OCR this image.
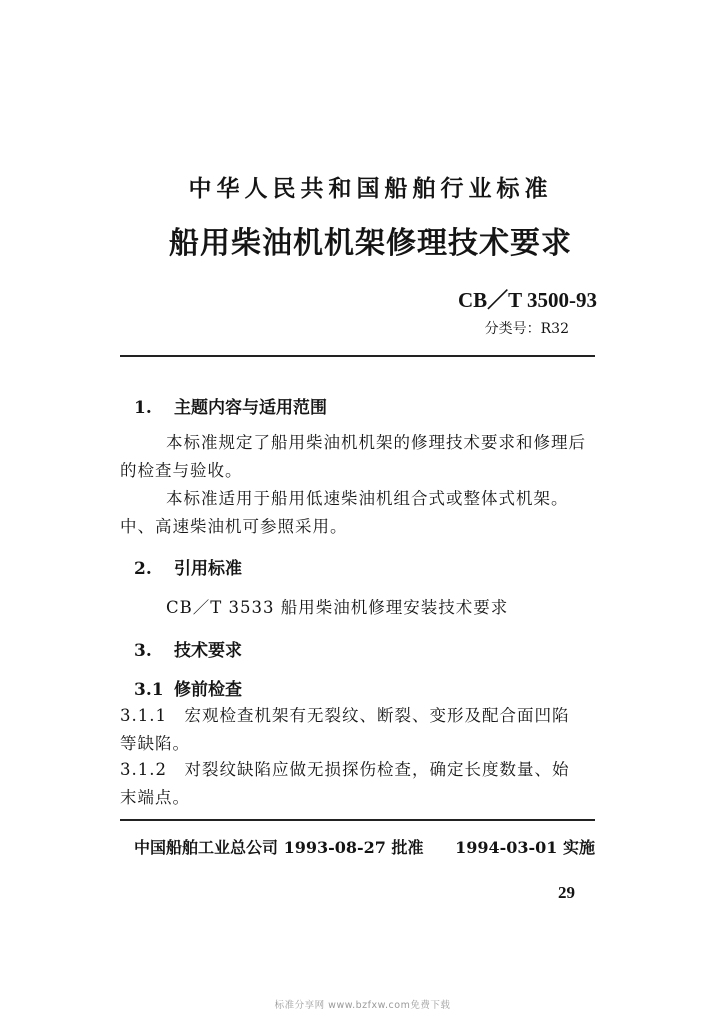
中华人民共和国船舶行业标准
船用柴油机机架修理技术要求
CB／T 3500-93
分类号：R32
1. 主题内容与适用范围
本标准规定了船用柴油机机架的修理技术要求和修理后
的检查与验收。
本标准适用于船用低速柴油机组合式或整体式机架。
中、高速柴油机可参照采用。
2. 引用标准
CB／T 3533 船用柴油机修理安装技术要求
3. 技术要求
3.1 修前检查
3.1.1　宏观检查机架有无裂纹、断裂、变形及配合面凹陷
等缺陷。
3.1.2　对裂纹缺陷应做无损探伤检查，确定长度数量、始
末端点。
中国船舶工业总公司 1993-08-27 批准 1994-03-01 实施
29
标准分享网 www.bzfxw.com免费下载
